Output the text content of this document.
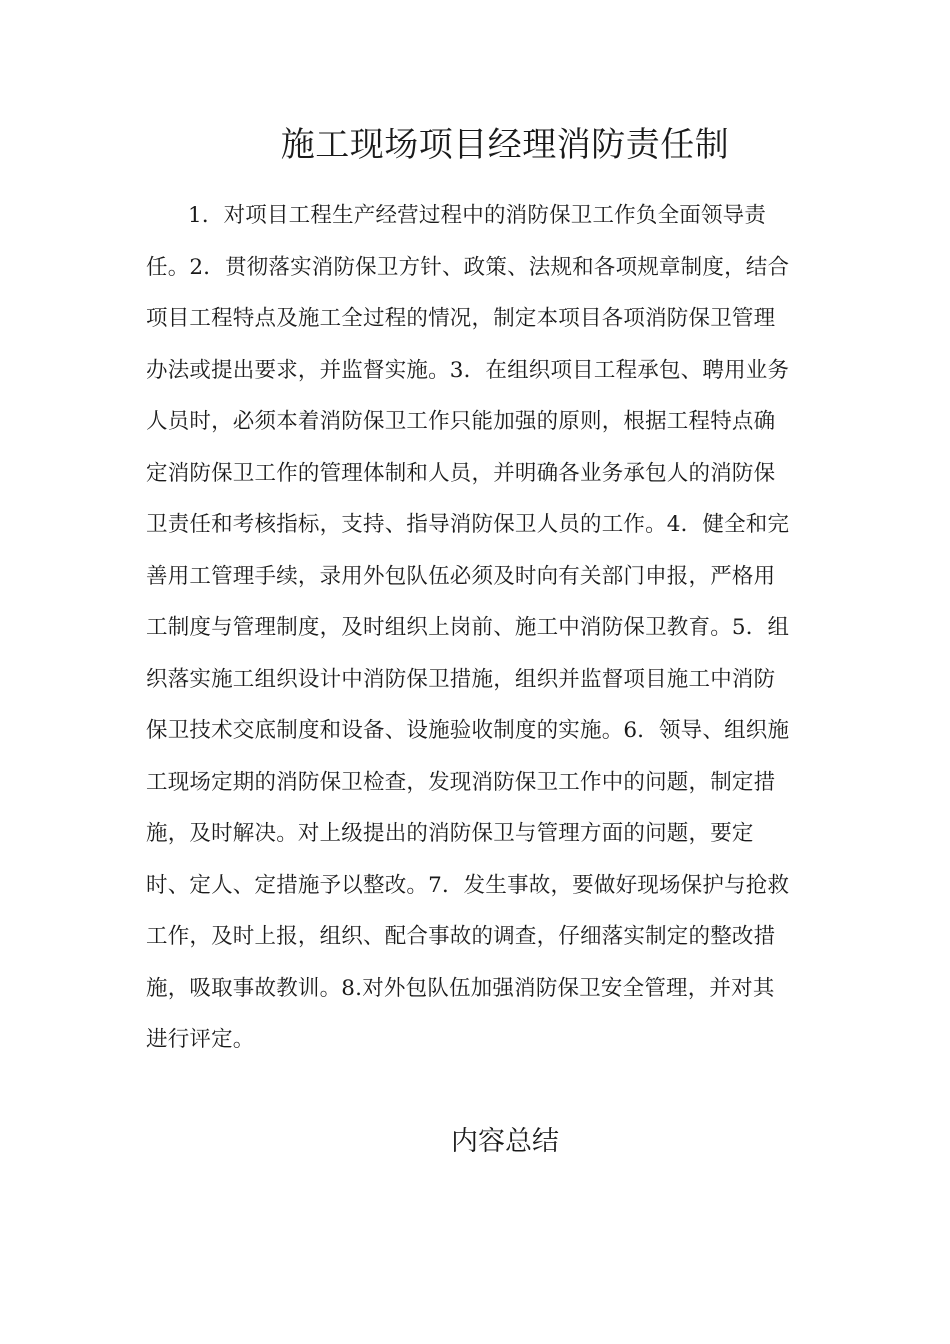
施工现场项目经理消防责任制
1．对项目工程生产经营过程中的消防保卫工作负全面领导责
任。2．贯彻落实消防保卫方针、政策、法规和各项规章制度，结合
项目工程特点及施工全过程的情况，制定本项目各项消防保卫管理
办法或提出要求，并监督实施。3．在组织项目工程承包、聘用业务
人员时，必须本着消防保卫工作只能加强的原则，根据工程特点确
定消防保卫工作的管理体制和人员，并明确各业务承包人的消防保
卫责任和考核指标，支持、指导消防保卫人员的工作。4．健全和完
善用工管理手续，录用外包队伍必须及时向有关部门申报，严格用
工制度与管理制度，及时组织上岗前、施工中消防保卫教育。5．组
织落实施工组织设计中消防保卫措施，组织并监督项目施工中消防
保卫技术交底制度和设备、设施验收制度的实施。6．领导、组织施
工现场定期的消防保卫检查，发现消防保卫工作中的问题，制定措
施，及时解决。对上级提出的消防保卫与管理方面的问题，要定
时、定人、定措施予以整改。7．发生事故，要做好现场保护与抢救
工作，及时上报，组织、配合事故的调查，仔细落实制定的整改措
施，吸取事故教训。8.对外包队伍加强消防保卫安全管理，并对其
进行评定。
内容总结
